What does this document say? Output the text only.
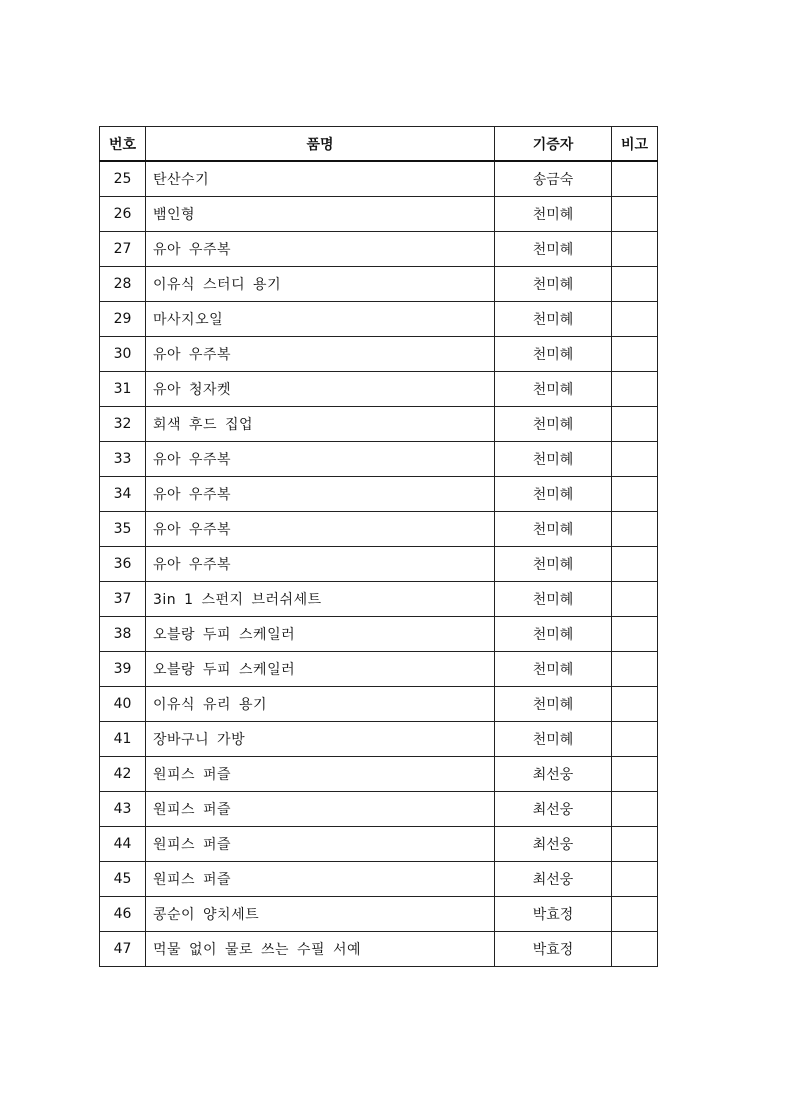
번호	품명	기증자	비고
25	탄산수기	송금숙	
26	뱀인형	천미혜	
27	유아 우주복	천미혜	
28	이유식 스터디 용기	천미혜	
29	마사지오일	천미혜	
30	유아 우주복	천미혜	
31	유아 청자켓	천미혜	
32	회색 후드 집업	천미혜	
33	유아 우주복	천미혜	
34	유아 우주복	천미혜	
35	유아 우주복	천미혜	
36	유아 우주복	천미혜	
37	3in 1 스펀지 브러쉬세트	천미혜	
38	오블랑 두피 스케일러	천미혜	
39	오블랑 두피 스케일러	천미혜	
40	이유식 유리 용기	천미혜	
41	장바구니 가방	천미혜	
42	원피스 퍼즐	최선웅	
43	원피스 퍼즐	최선웅	
44	원피스 퍼즐	최선웅	
45	원피스 퍼즐	최선웅	
46	콩순이 양치세트	박효정	
47	먹물 없이 물로 쓰는 수필 서예	박효정	
